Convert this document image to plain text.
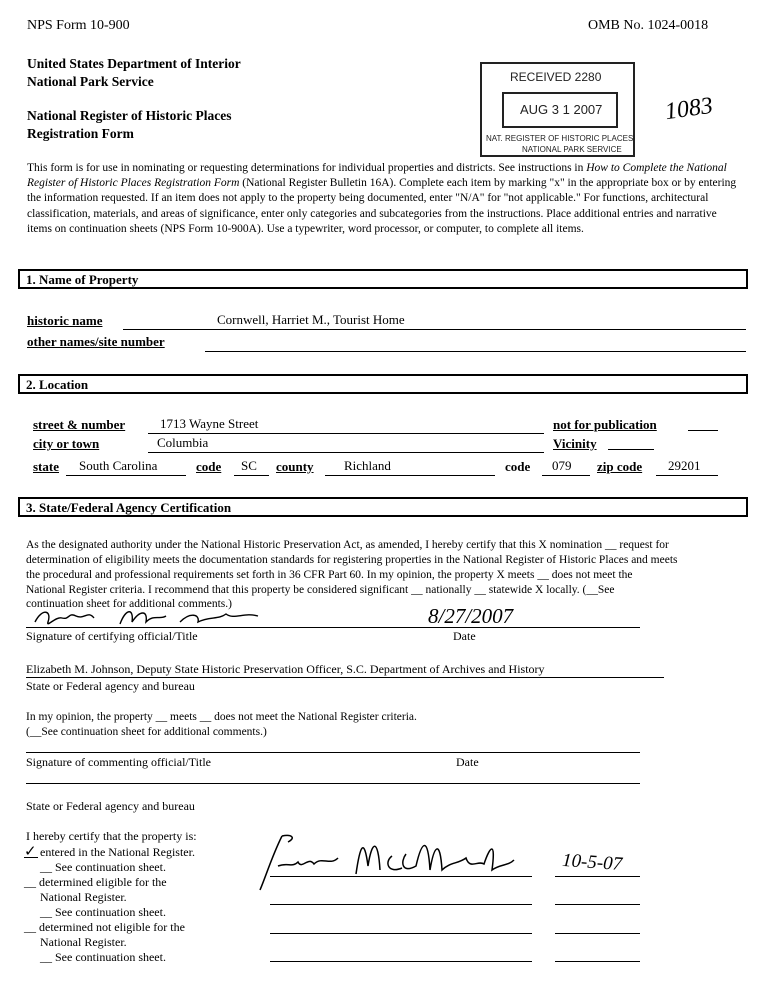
NPS Form 10-900	OMB No. 1024-0018
United States Department of Interior
National Park Service
National Register of Historic Places
Registration Form
RECEIVED 2280
AUG 3 1 2007
NAT. REGISTER OF HISTORIC PLACES
NATIONAL PARK SERVICE
1083
This form is for use in nominating or requesting determinations for individual properties and districts. See instructions in How to Complete the National Register of Historic Places Registration Form (National Register Bulletin 16A). Complete each item by marking "x" in the appropriate box or by entering the information requested. If an item does not apply to the property being documented, enter "N/A" for "not applicable." For functions, architectural classification, materials, and areas of significance, enter only categories and subcategories from the instructions. Place additional entries and narrative items on continuation sheets (NPS Form 10-900A). Use a typewriter, word processor, or computer, to complete all items.
1. Name of Property
historic name	Cornwell, Harriet M., Tourist Home
other names/site number
2. Location
street & number	1713 Wayne Street	not for publication
city or town	Columbia	Vicinity
state South Carolina	code SC county Richland	code 079 zip code 29201
3. State/Federal Agency Certification
As the designated authority under the National Historic Preservation Act, as amended, I hereby certify that this X nomination __ request for
determination of eligibility meets the documentation standards for registering properties in the National Register of Historic Places and meets
the procedural and professional requirements set forth in 36 CFR Part 60. In my opinion, the property X meets __ does not meet the
National Register criteria. I recommend that this property be considered significant __ nationally __ statewide X locally. (__See
continuation sheet for additional comments.)	8/27/2007
Signature of certifying official/Title	Date
Elizabeth M. Johnson, Deputy State Historic Preservation Officer, S.C. Department of Archives and History
State or Federal agency and bureau
In my opinion, the property __ meets __ does not meet the National Register criteria.
(__See continuation sheet for additional comments.)
Signature of commenting official/Title	Date
State or Federal agency and bureau
I hereby certify that the property is:
✓ entered in the National Register.
__ See continuation sheet.
__ determined eligible for the
National Register.
__ See continuation sheet.
__ determined not eligible for the
National Register.
__ See continuation sheet.
10-5-07
